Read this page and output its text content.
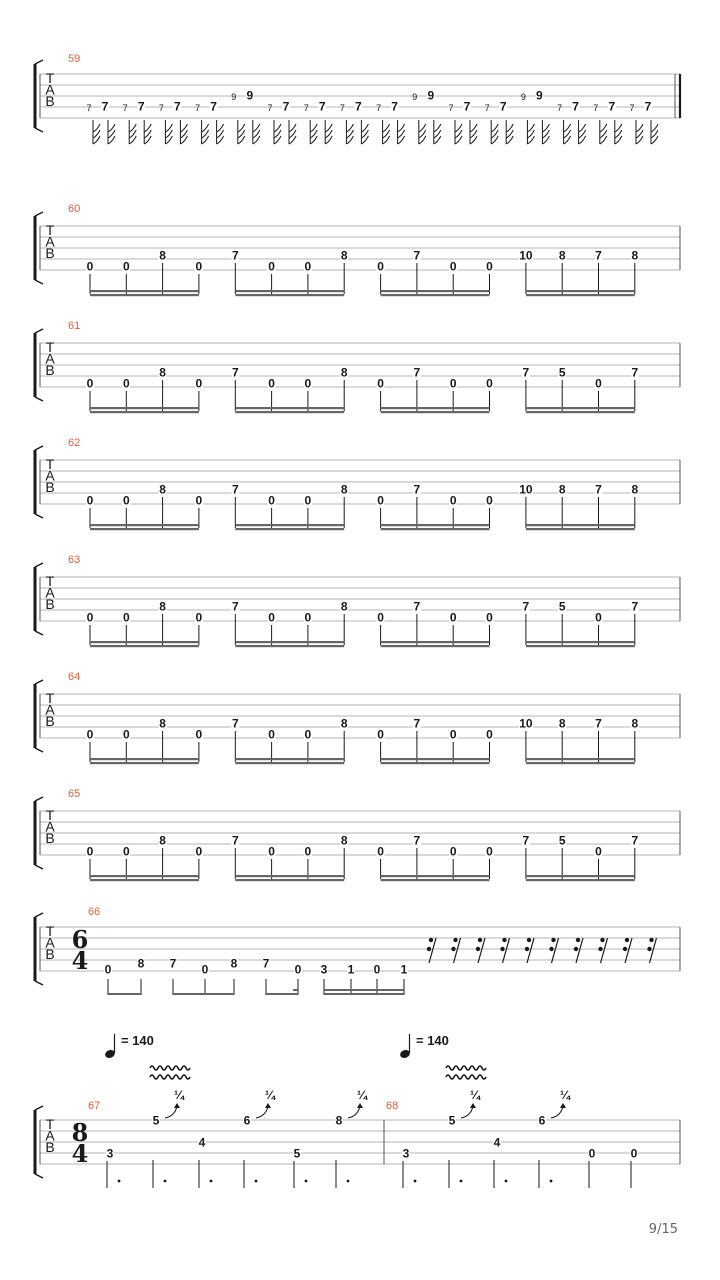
T
A
B
59
7 7 7 7 7 7 7 7
9 9
7 7 7 7 7 7 7 7
9 9
7 7 7 7
9 9
7 7 7 7 7 7
T
A
B
60
0 0
8
0
7
0 0
8
0
7
0 0
10 8 7 8
T
A
B
61
0 0
8
0
7
0 0
8
0
7
0 0
7 5
0
7
T
A
B
62
0 0
8
0
7
0 0
8
0
7
0 0
10 8 7 8
T
A
B
63
0 0
8
0
7
0 0
8
0
7
0 0
7 5
0
7
T
A
B
64
0 0
8
0
7
0 0
8
0
7
0 0
10 8 7 8
T
A
B
65
0 0
8
0
7
0 0
8
0
7
0 0
7 5
0
7
T
A
B
66
6
4 0 8 7 0 8 7 0 3 1 0 1
T
A
B
67	68
8
4
= 140	= 140
3
5
¼
4
6
¼
5
8
¼
3
5
¼
4
6
¼
0	0
9/15
